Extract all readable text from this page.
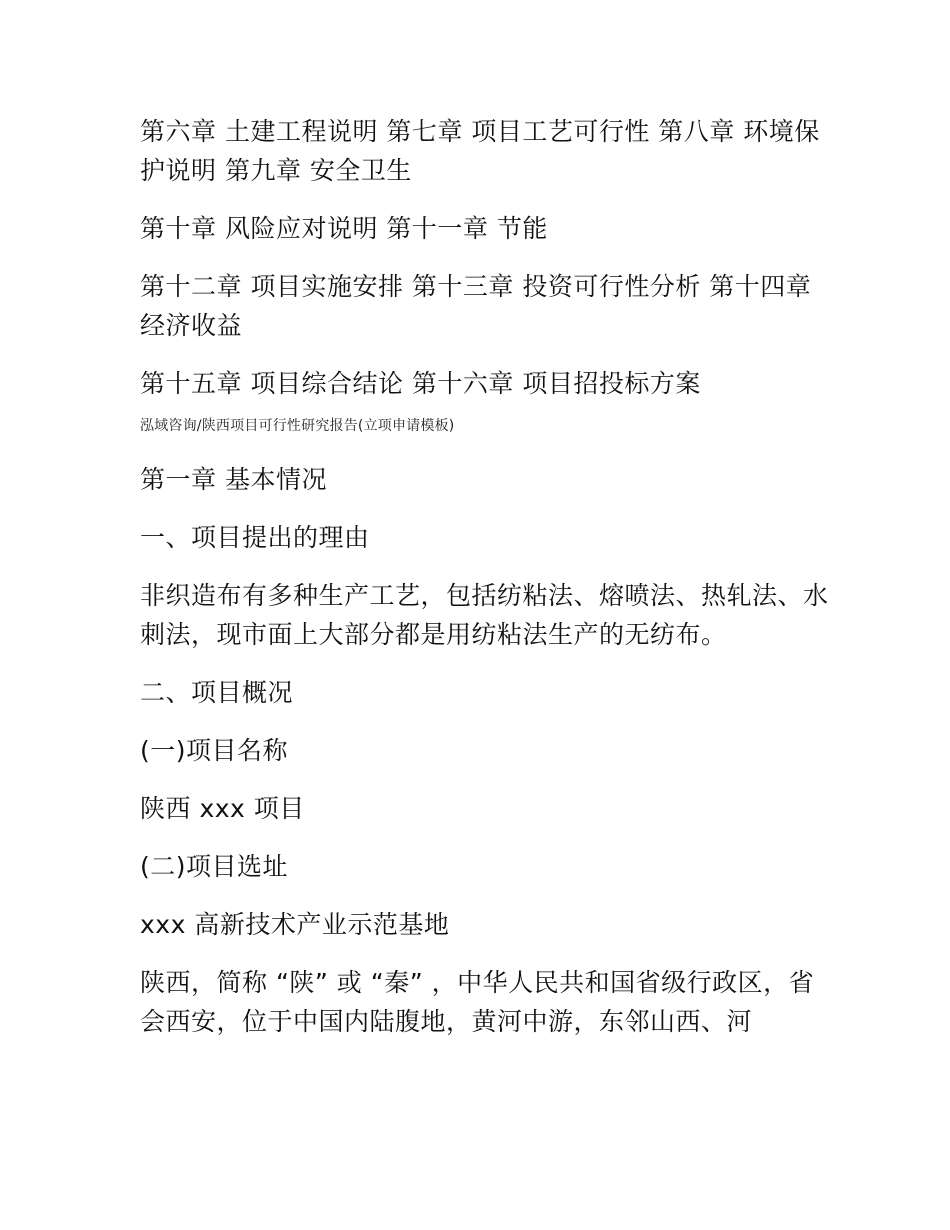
第六章 土建工程说明 第七章 项目工艺可行性 第八章 环境保护说明 第九章 安全卫生

第十章 风险应对说明 第十一章 节能

第十二章 项目实施安排 第十三章 投资可行性分析 第十四章 经济收益

第十五章 项目综合结论 第十六章 项目招投标方案

泓域咨询/陕西项目可行性研究报告(立项申请模板)

第一章 基本情况

一、项目提出的理由

非织造布有多种生产工艺，包括纺粘法、熔喷法、热轧法、水刺法，现市面上大部分都是用纺粘法生产的无纺布。

二、项目概况

(一)项目名称

陕西 xxx 项目

(二)项目选址

xxx 高新技术产业示范基地

陕西，简称 “陕” 或 “秦” ，中华人民共和国省级行政区，省会西安，位于中国内陆腹地，黄河中游，东邻山西、河
